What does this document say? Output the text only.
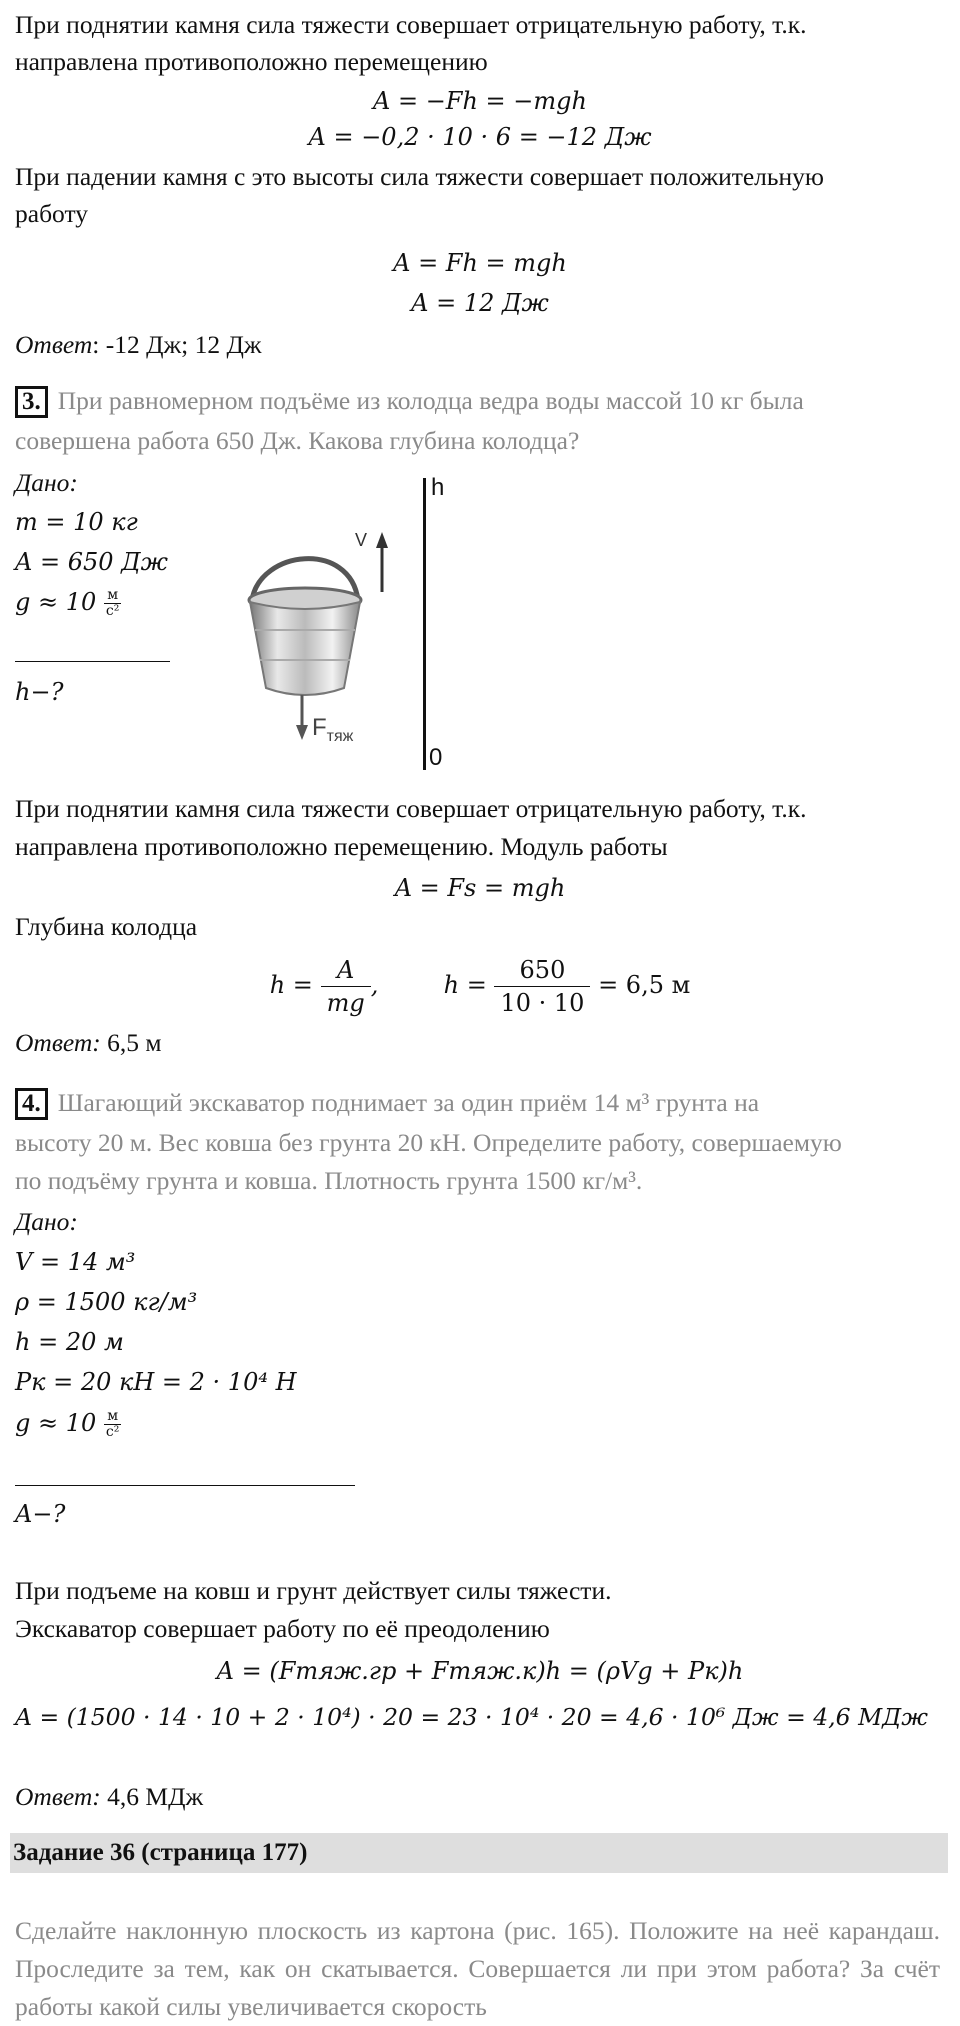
При поднятии камня сила тяжести совершает отрицательную работу, т.к.
направлена противоположно перемещению
A = −Fh = −mgh
A = −0,2 · 10 · 6 = −12 Дж
При падении камня с это высоты сила тяжести совершает положительную
работу
A = Fh = mgh
A = 12 Дж
Ответ: -12 Дж; 12 Дж
3. При равномерном подъёме из колодца ведра воды массой 10 кг была
совершена работа 650 Дж. Какова глубина колодца?
Дано:
m = 10 кг
A = 650 Дж
g ≈ 10 м
с²
h−?
V
$F_{тяж}$
h
0
При поднятии камня сила тяжести совершает отрицательную работу, т.к.
направлена противоположно перемещению. Модуль работы
A = Fs = mgh
Глубина колодца
$h = \frac{A}{mg}$ ,	$h = \frac{650}{10 \cdot 10} = 6,5$ м
Ответ: 6,5 м
4. Шагающий экскаватор поднимает за один приём 14 м³ грунта на
высоту 20 м. Вес ковша без грунта 20 кН. Определите работу, совершаемую
по подъёму грунта и ковша. Плотность грунта 1500 кг/м³.
Дано:
V = 14 м³
ρ = 1500 кг/м³
h = 20 м
Pк = 20 кН = 2 · 10⁴ Н
g ≈ 10 м
с²
A−?
При подъеме на ковш и грунт действует силы тяжести.
Экскаватор совершает работу по её преодолению
A = (Fтяж.гр + Fтяж.к)h = (ρVg + Pк)h
A = (1500 · 14 · 10 + 2 · 10⁴) · 20 = 23 · 10⁴ · 20 = 4,6 · 10⁶ Дж = 4,6 МДж
Ответ: 4,6 МДж
Задание 36 (страница 177)
Сделайте наклонную плоскость из картона (рис. 165). Положите на неё карандаш. Проследите за тем, как он скатывается. Совершается ли при этом работа? За счёт работы какой силы увеличивается скорость
